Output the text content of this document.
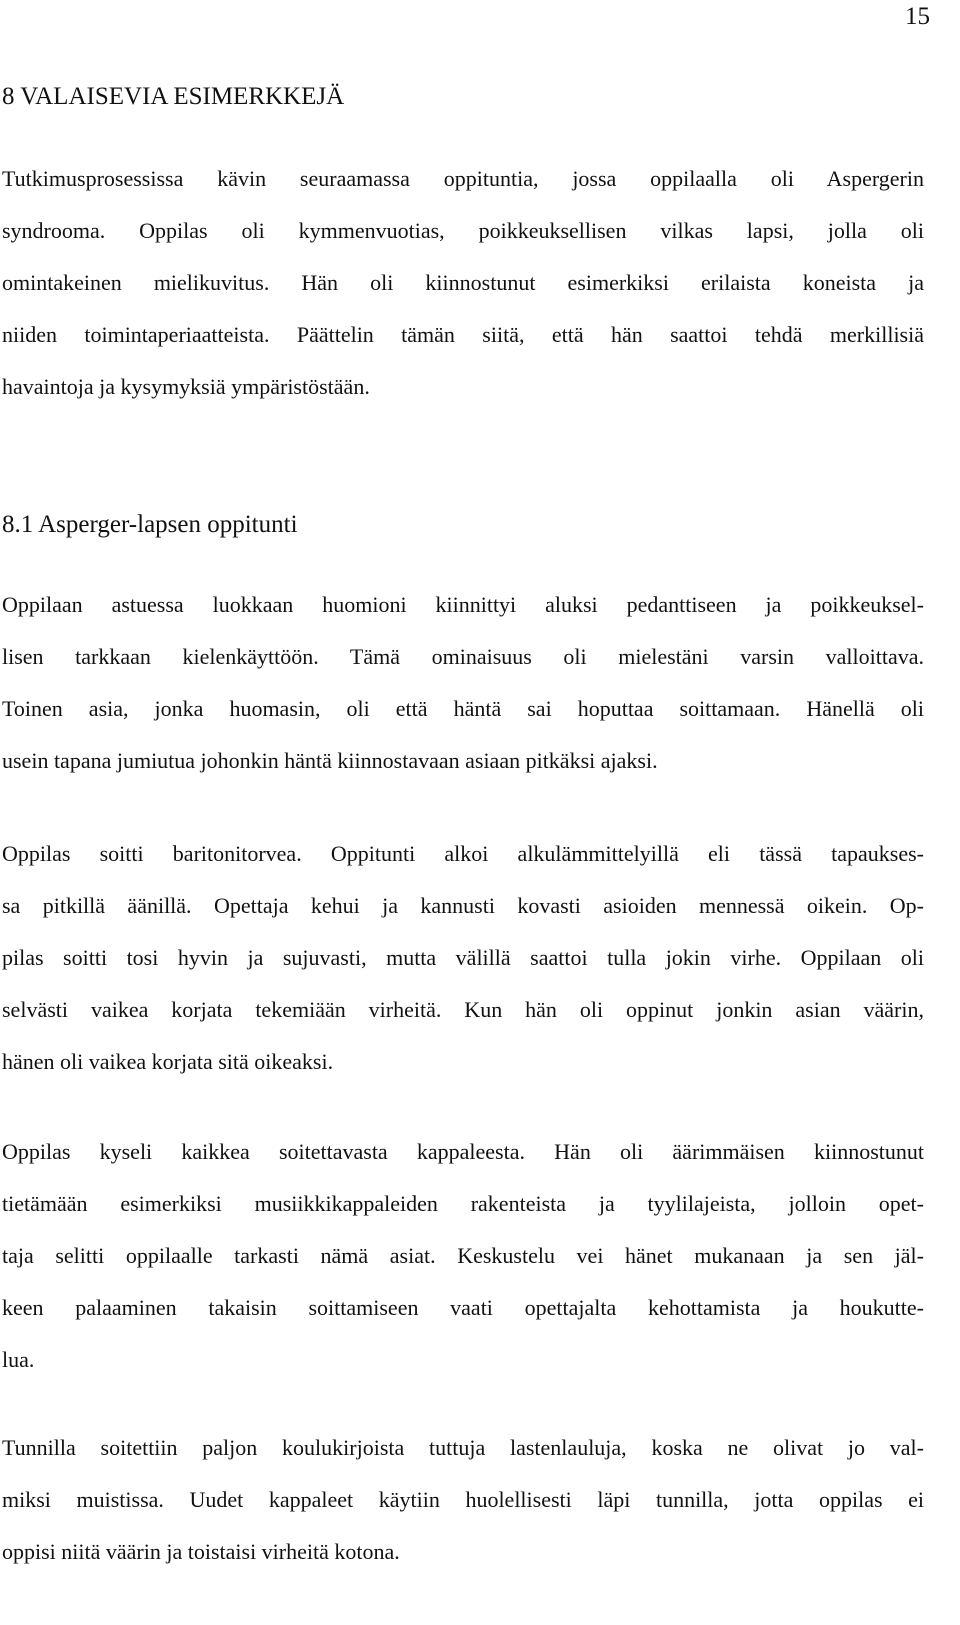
15
8 VALAISEVIA ESIMERKKEJÄ
Tutkimusprosessissa kävin seuraamassa oppituntia, jossa oppilaalla oli Aspergerin
syndrooma. Oppilas oli kymmenvuotias, poikkeuksellisen vilkas lapsi, jolla oli
omintakeinen mielikuvitus. Hän oli kiinnostunut esimerkiksi erilaista koneista ja
niiden toimintaperiaatteista. Päättelin tämän siitä, että hän saattoi tehdä merkillisiä
havaintoja ja kysymyksiä ympäristöstään.
8.1 Asperger-lapsen oppitunti
Oppilaan astuessa luokkaan huomioni kiinnittyi aluksi pedanttiseen ja poikkeuksel-
lisen tarkkaan kielenkäyttöön. Tämä ominaisuus oli mielestäni varsin valloittava.
Toinen asia, jonka huomasin, oli että häntä sai hoputtaa soittamaan. Hänellä oli
usein tapana jumiutua johonkin häntä kiinnostavaan asiaan pitkäksi ajaksi.
Oppilas soitti baritonitorvea. Oppitunti alkoi alkulämmittelyillä eli tässä tapaukses-
sa pitkillä äänillä. Opettaja kehui ja kannusti kovasti asioiden mennessä oikein. Op-
pilas soitti tosi hyvin ja sujuvasti, mutta välillä saattoi tulla jokin virhe. Oppilaan oli
selvästi vaikea korjata tekemiään virheitä. Kun hän oli oppinut jonkin asian väärin,
hänen oli vaikea korjata sitä oikeaksi.
Oppilas kyseli kaikkea soitettavasta kappaleesta. Hän oli äärimmäisen kiinnostunut
tietämään esimerkiksi musiikkikappaleiden rakenteista ja tyylilajeista, jolloin opet-
taja selitti oppilaalle tarkasti nämä asiat. Keskustelu vei hänet mukanaan ja sen jäl-
keen palaaminen takaisin soittamiseen vaati opettajalta kehottamista ja houkutte-
lua.
Tunnilla soitettiin paljon koulukirjoista tuttuja lastenlauluja, koska ne olivat jo val-
miksi muistissa. Uudet kappaleet käytiin huolellisesti läpi tunnilla, jotta oppilas ei
oppisi niitä väärin ja toistaisi virheitä kotona.
